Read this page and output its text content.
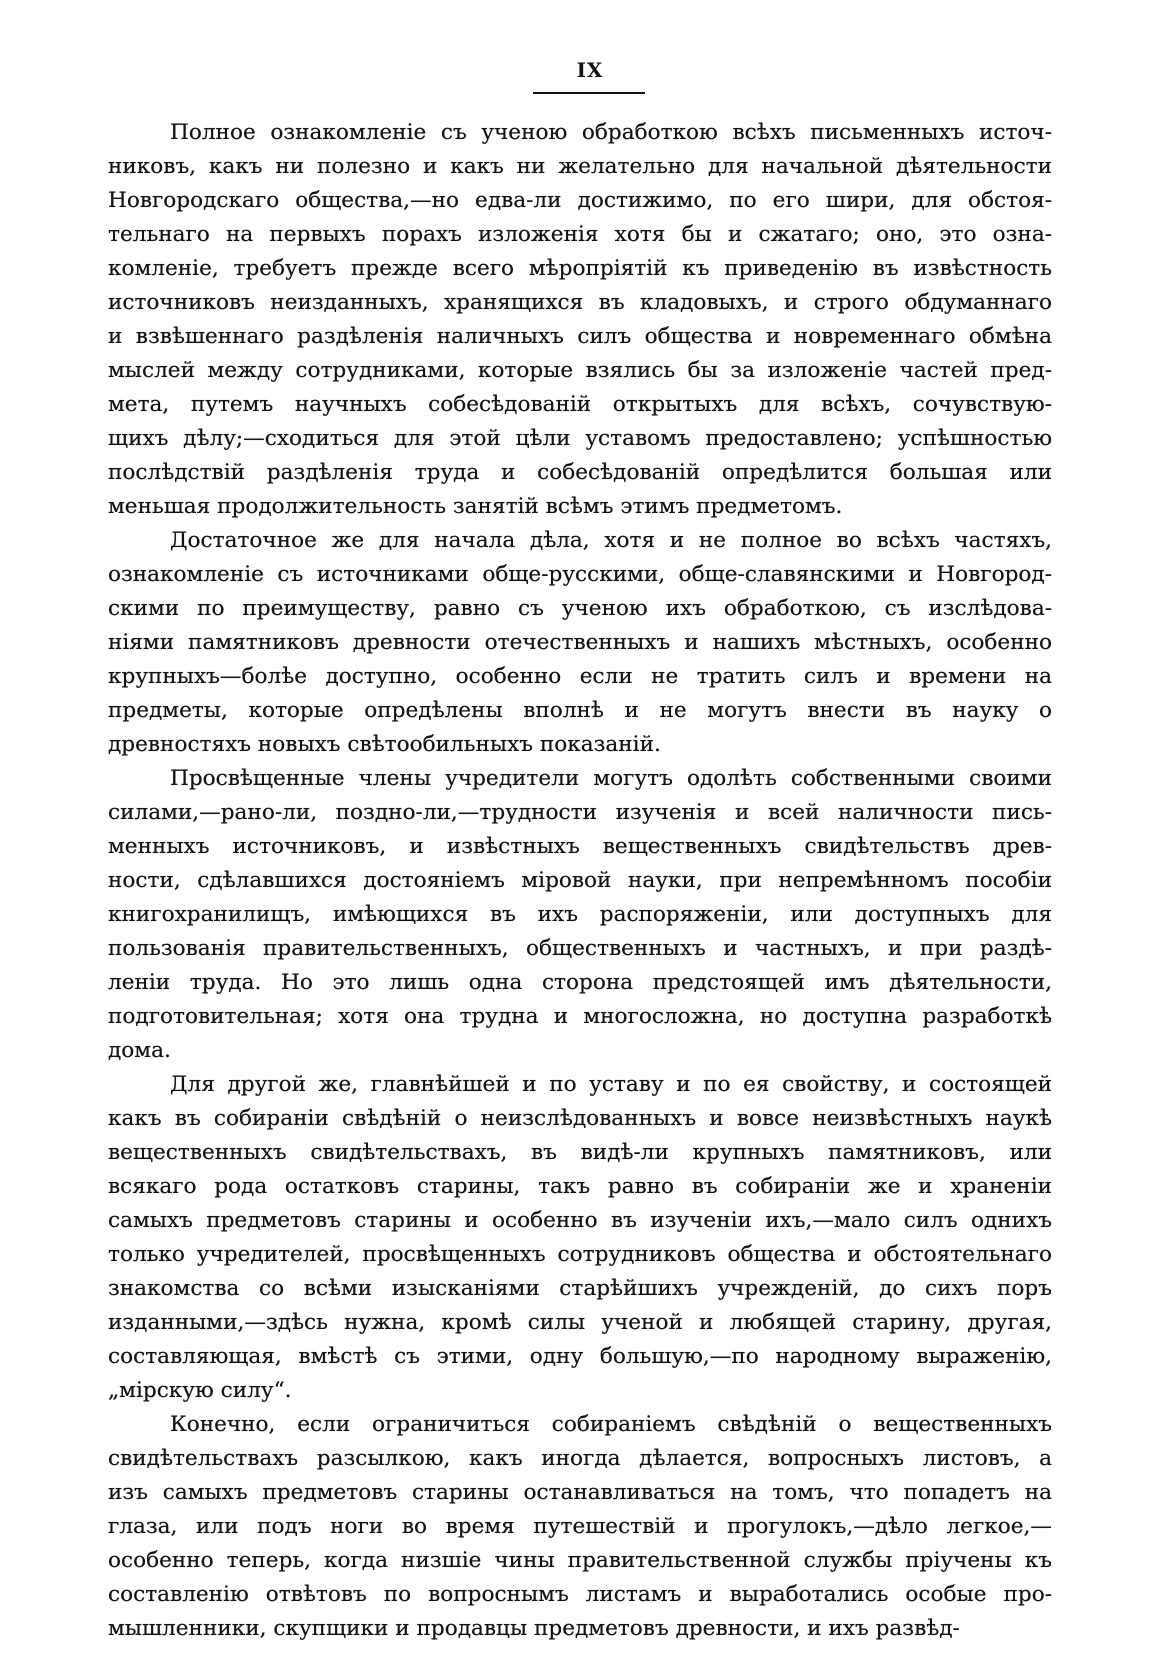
IX
Полное ознакомленіе съ ученою обработкою всѣхъ письменныхъ источ-
никовъ, какъ ни полезно и какъ ни желательно для начальной дѣятельности
Новгородскаго общества,—но едва-ли достижимо, по его шири, для обстоя-
тельнаго на первыхъ порахъ изложенія хотя бы и сжатаго; оно, это озна-
комленіе, требуетъ прежде всего мѣропріятій къ приведенію въ извѣстность
источниковъ неизданныхъ, хранящихся въ кладовыхъ, и строго обдуманнаго
и взвѣшеннаго раздѣленія наличныхъ силъ общества и новременнаго обмѣна
мыслей между сотрудниками, которые взялись бы за изложеніе частей пред-
мета, путемъ научныхъ собесѣдованій открытыхъ для всѣхъ, сочувствую-
щихъ дѣлу;—сходиться для этой цѣли уставомъ предоставлено; успѣшностью
послѣдствій раздѣленія труда и собесѣдованій опредѣлится большая или
меньшая продолжительность занятій всѣмъ этимъ предметомъ.
Достаточное же для начала дѣла, хотя и не полное во всѣхъ частяхъ,
ознакомленіе съ источниками обще-русскими, обще-славянскими и Новгород-
скими по преимуществу, равно съ ученою ихъ обработкою, съ изслѣдова-
ніями памятниковъ древности отечественныхъ и нашихъ мѣстныхъ, особенно
крупныхъ—болѣе доступно, особенно если не тратить силъ и времени на
предметы, которые опредѣлены вполнѣ и не могутъ внести въ науку о
древностяхъ новыхъ свѣтообильныхъ показаній.
Просвѣщенные члены учредители могутъ одолѣть собственными своими
силами,—рано-ли, поздно-ли,—трудности изученія и всей наличности пись-
менныхъ источниковъ, и извѣстныхъ вещественныхъ свидѣтельствъ древ-
ности, сдѣлавшихся достояніемъ міровой науки, при непремѣнномъ пособіи
книгохранилищъ, имѣющихся въ ихъ распоряженіи, или доступныхъ для
пользованія правительственныхъ, общественныхъ и частныхъ, и при раздѣ-
леніи труда. Но это лишь одна сторона предстоящей имъ дѣятельности,
подготовительная; хотя она трудна и многосложна, но доступна разработкѣ
дома.
Для другой же, главнѣйшей и по уставу и по ея свойству, и состоящей
какъ въ собираніи свѣдѣній о неизслѣдованныхъ и вовсе неизвѣстныхъ наукѣ
вещественныхъ свидѣтельствахъ, въ видѣ-ли крупныхъ памятниковъ, или
всякаго рода остатковъ старины, такъ равно въ собираніи же и храненіи
самыхъ предметовъ старины и особенно въ изученіи ихъ,—мало силъ однихъ
только учредителей, просвѣщенныхъ сотрудниковъ общества и обстоятельнаго
знакомства со всѣми изысканіями старѣйшихъ учрежденій, до сихъ поръ
изданными,—здѣсь нужна, кромѣ силы ученой и любящей старину, другая,
составляющая, вмѣстѣ съ этими, одну большую,—по народному выраженію,
„мірскую силу“.
Конечно, если ограничиться собираніемъ свѣдѣній о вещественныхъ
свидѣтельствахъ разсылкою, какъ иногда дѣлается, вопросныхъ листовъ, а
изъ самыхъ предметовъ старины останавливаться на томъ, что попадетъ на
глаза, или подъ ноги во время путешествій и прогулокъ,—дѣло легкое,—
особенно теперь, когда низшіе чины правительственной службы пріучены къ
составленію отвѣтовъ по вопроснымъ листамъ и выработались особые про-
мышленники, скупщики и продавцы предметовъ древности, и ихъ развѣд-
